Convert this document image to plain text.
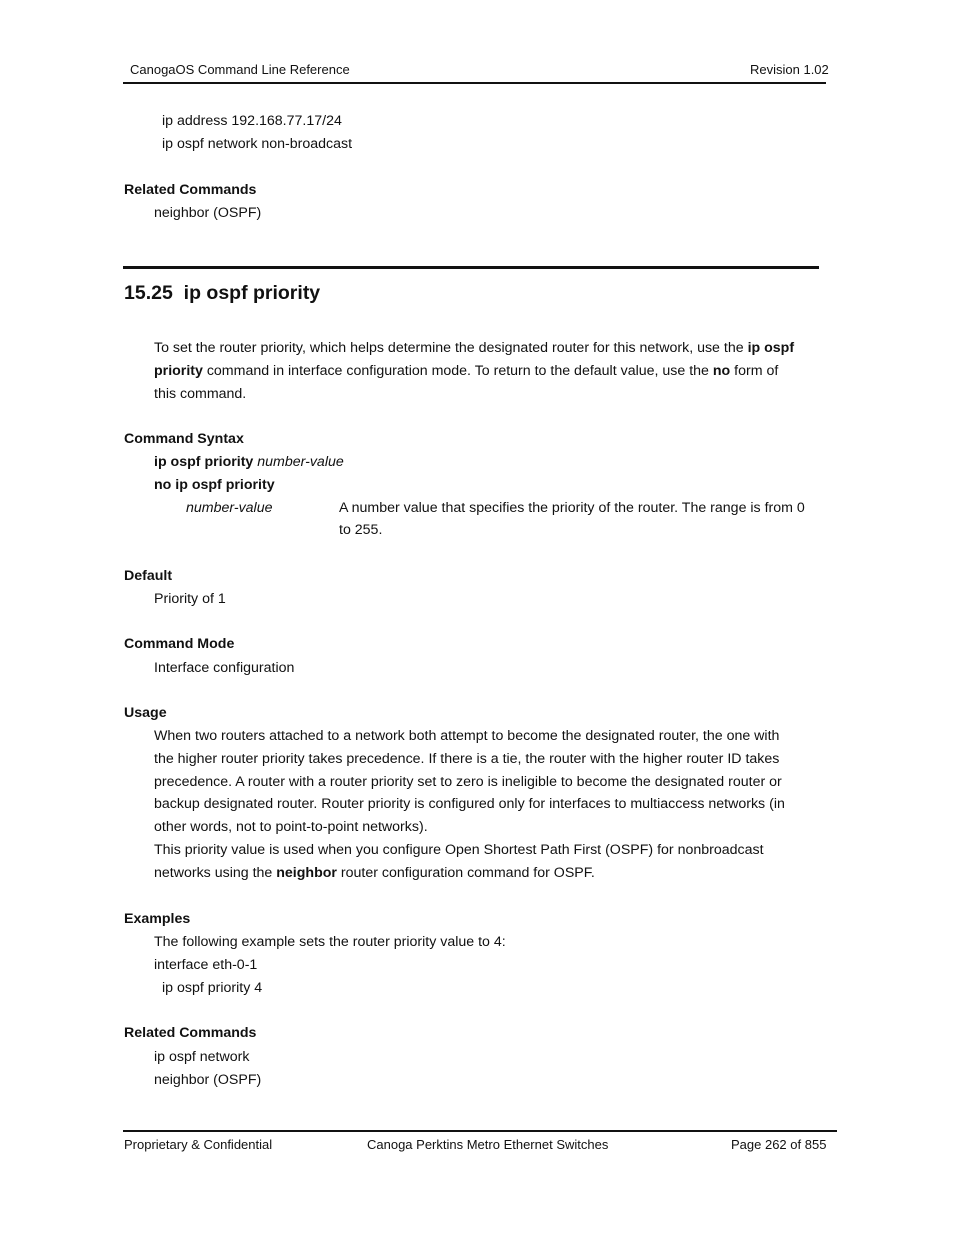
CanogaOS Command Line Reference	Revision 1.02
ip address 192.168.77.17/24
ip ospf network non-broadcast
Related Commands
neighbor (OSPF)
15.25 ip ospf priority
To set the router priority, which helps determine the designated router for this network, use the ip ospf
priority command in interface configuration mode. To return to the default value, use the no form of
this command.
Command Syntax
ip ospf priority number-value
no ip ospf priority
number-value	A number value that specifies the priority of the router. The range is from 0
to 255.
Default
Priority of 1
Command Mode
Interface configuration
Usage
When two routers attached to a network both attempt to become the designated router, the one with
the higher router priority takes precedence. If there is a tie, the router with the higher router ID takes
precedence. A router with a router priority set to zero is ineligible to become the designated router or
backup designated router. Router priority is configured only for interfaces to multiaccess networks (in
other words, not to point-to-point networks).
This priority value is used when you configure Open Shortest Path First (OSPF) for nonbroadcast
networks using the neighbor router configuration command for OSPF.
Examples
The following example sets the router priority value to 4:
interface eth-0-1
ip ospf priority 4
Related Commands
ip ospf network
neighbor (OSPF)
Proprietary & Confidential	Canoga Perktins Metro Ethernet Switches	Page 262 of 855
